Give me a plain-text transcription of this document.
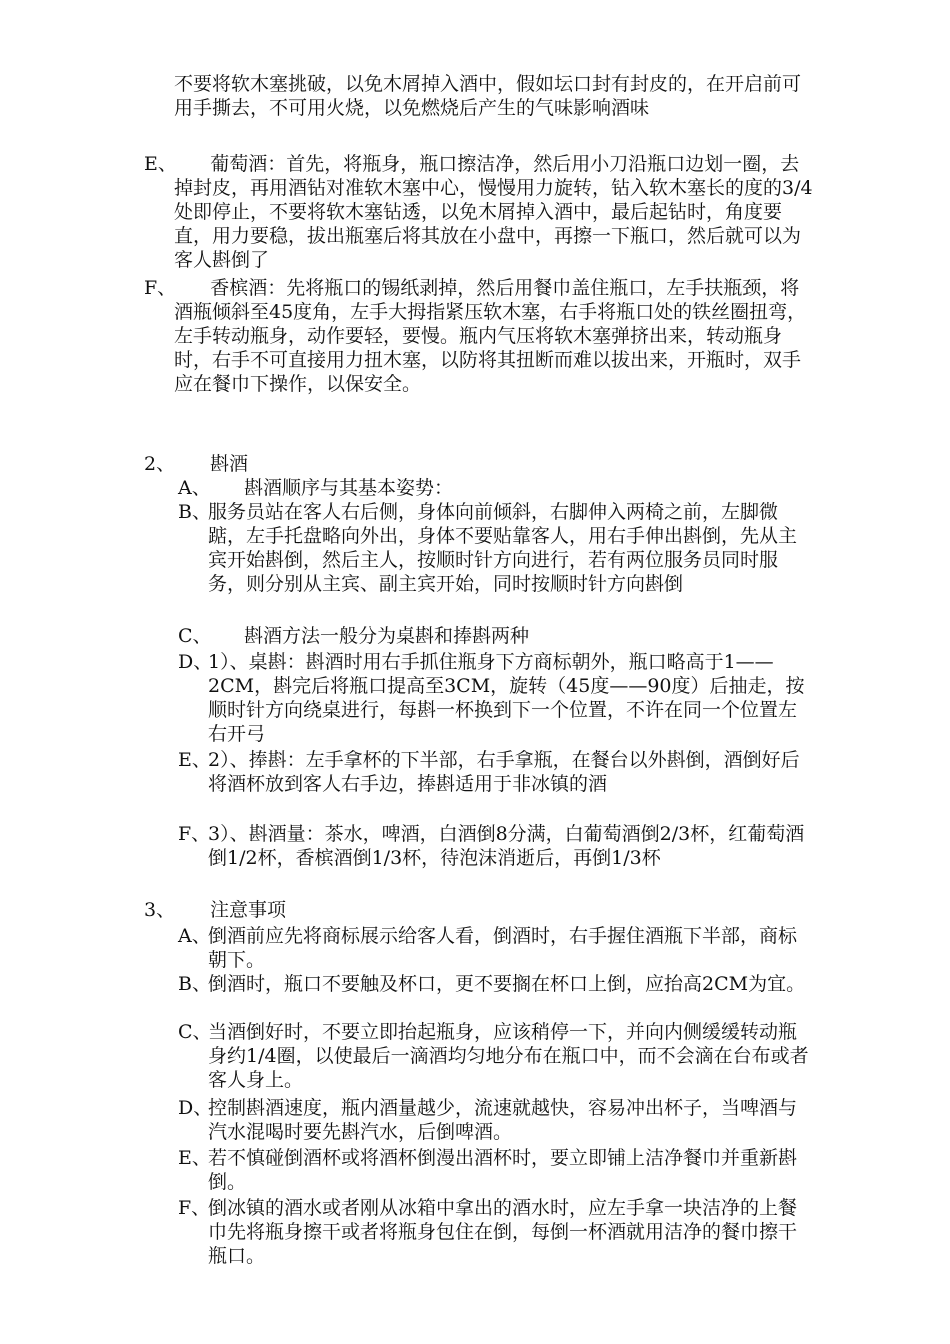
不要将软木塞挑破，以免木屑掉入酒中，假如坛口封有封皮的，在开启前可用手撕去，不可用火烧，以免燃烧后产生的气味影响酒味
E、
葡萄酒：首先，将瓶身，瓶口擦洁净，然后用小刀沿瓶口边划一圈，去掉封皮，再用酒钻对准软木塞中心，慢慢用力旋转，钻入软木塞长的度的3/4处即停止，不要将软木塞钻透，以免木屑掉入酒中，最后起钻时，角度要直，用力要稳，拔出瓶塞后将其放在小盘中，再擦一下瓶口，然后就可以为客人斟倒了
F、
香槟酒：先将瓶口的锡纸剥掉，然后用餐巾盖住瓶口，左手扶瓶颈，将酒瓶倾斜至45度角，左手大拇指紧压软木塞，右手将瓶口处的铁丝圈扭弯，左手转动瓶身，动作要轻，要慢。瓶内气压将软木塞弹挤出来，转动瓶身时，右手不可直接用力扭木塞，以防将其扭断而难以拔出来，开瓶时，双手应在餐巾下操作，以保安全。
2、 斟酒
A、 斟酒顺序与其基本姿势：
B、
服务员站在客人右后侧，身体向前倾斜，右脚伸入两椅之前，左脚微踮，左手托盘略向外出，身体不要贴靠客人，用右手伸出斟倒，先从主宾开始斟倒，然后主人，按顺时针方向进行，若有两位服务员同时服务，则分别从主宾、副主宾开始，同时按顺时针方向斟倒
C、 斟酒方法一般分为桌斟和捧斟两种
D、
1）、桌斟：斟酒时用右手抓住瓶身下方商标朝外，瓶口略高于1——2CM，斟完后将瓶口提高至3CM，旋转（45度——90度）后抽走，按顺时针方向绕桌进行，每斟一杯换到下一个位置，不许在同一个位置左右开弓
E、
2）、捧斟：左手拿杯的下半部，右手拿瓶，在餐台以外斟倒，酒倒好后将酒杯放到客人右手边，捧斟适用于非冰镇的酒
F、
3）、斟酒量：茶水，啤酒，白酒倒8分满，白葡萄酒倒2/3杯，红葡萄酒倒1/2杯，香槟酒倒1/3杯，待泡沫消逝后，再倒1/3杯
3、 注意事项
A、
倒酒前应先将商标展示给客人看，倒酒时，右手握住酒瓶下半部，商标朝下。
B、
倒酒时，瓶口不要触及杯口，更不要搁在杯口上倒，应抬高2CM为宜。
C、
当酒倒好时，不要立即抬起瓶身，应该稍停一下，并向内侧缓缓转动瓶身约1/4圈，以使最后一滴酒均匀地分布在瓶口中，而不会滴在台布或者客人身上。
D、
控制斟酒速度，瓶内酒量越少，流速就越快，容易冲出杯子，当啤酒与汽水混喝时要先斟汽水，后倒啤酒。
E、
若不慎碰倒酒杯或将酒杯倒漫出酒杯时，要立即铺上洁净餐巾并重新斟倒。
F、
倒冰镇的酒水或者刚从冰箱中拿出的酒水时，应左手拿一块洁净的上餐巾先将瓶身擦干或者将瓶身包住在倒，每倒一杯酒就用洁净的餐巾擦干瓶口。
